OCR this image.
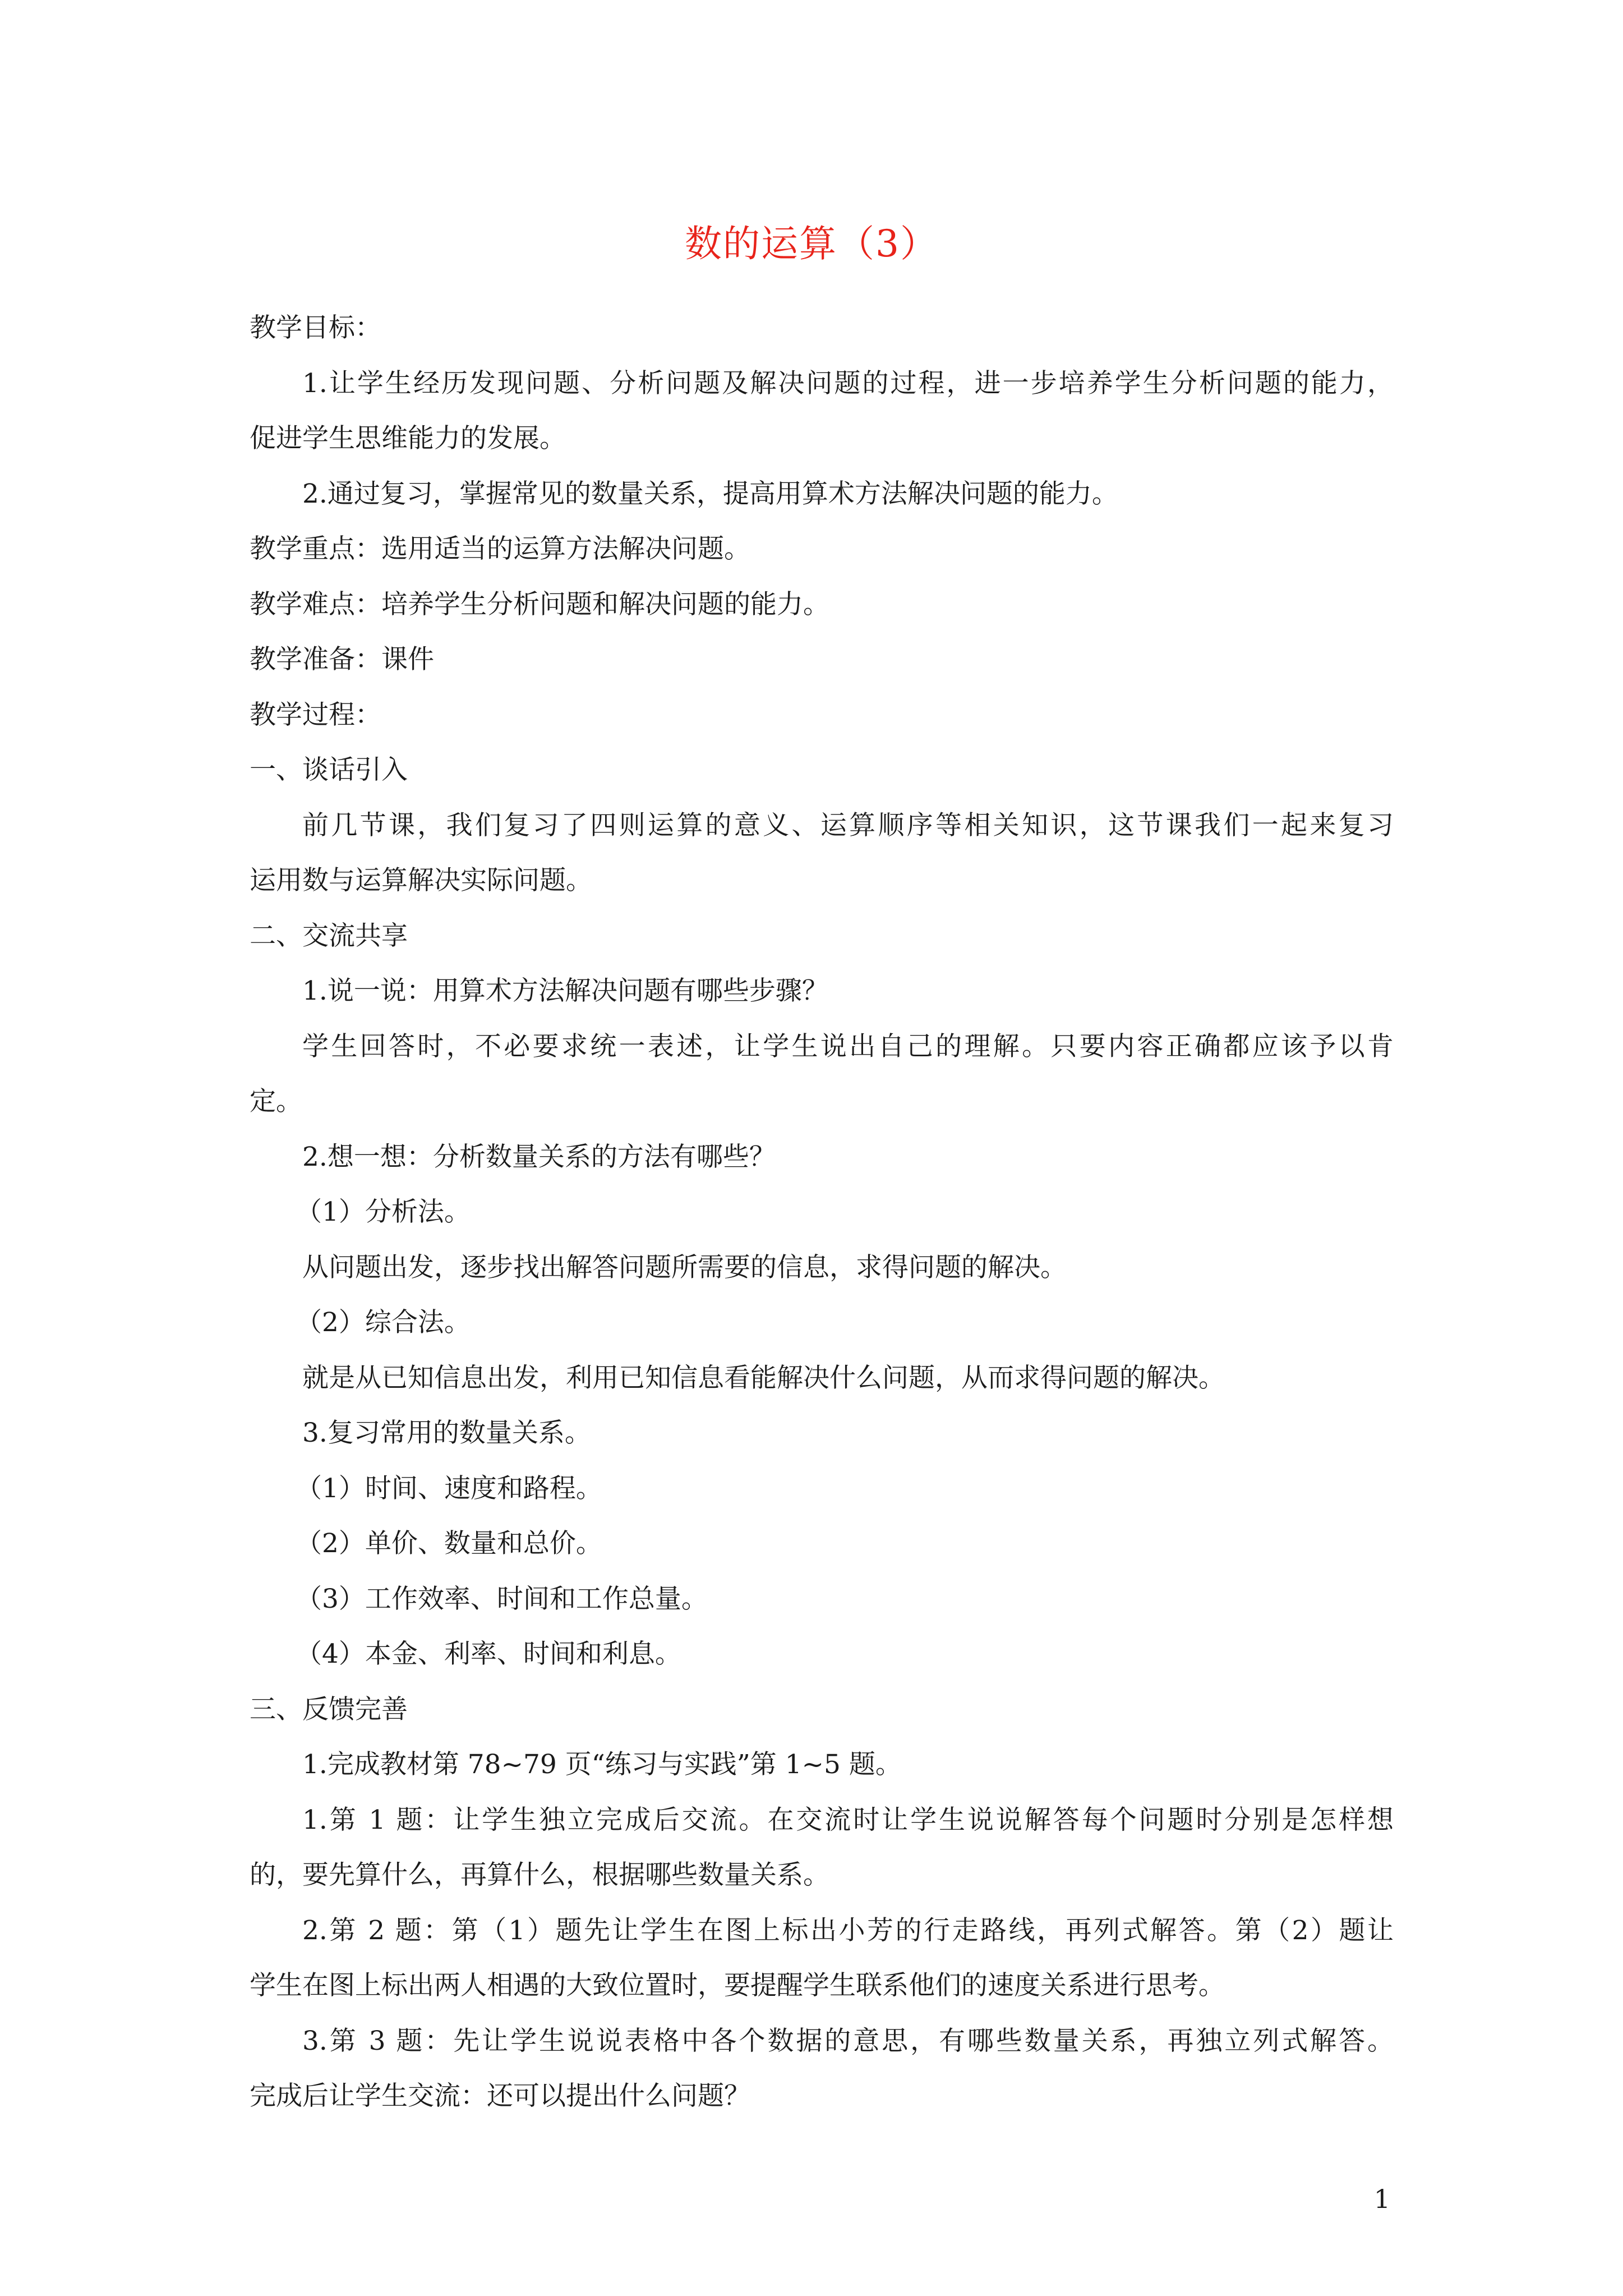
数的运算（3）
教学目标：
1.让学生经历发现问题、分析问题及解决问题的过程，进一步培养学生分析问题的能力，
促进学生思维能力的发展。
2.通过复习，掌握常见的数量关系，提高用算术方法解决问题的能力。
教学重点：选用适当的运算方法解决问题。
教学难点：培养学生分析问题和解决问题的能力。
教学准备：课件
教学过程：
一、谈话引入
前几节课，我们复习了四则运算的意义、运算顺序等相关知识，这节课我们一起来复习
运用数与运算解决实际问题。
二、交流共享
1.说一说：用算术方法解决问题有哪些步骤？
学生回答时，不必要求统一表述，让学生说出自己的理解。只要内容正确都应该予以肯
定。
2.想一想：分析数量关系的方法有哪些？
（1）分析法。
从问题出发，逐步找出解答问题所需要的信息，求得问题的解决。
（2）综合法。
就是从已知信息出发，利用已知信息看能解决什么问题，从而求得问题的解决。
3.复习常用的数量关系。
（1）时间、速度和路程。
（2）单价、数量和总价。
（3）工作效率、时间和工作总量。
（4）本金、利率、时间和利息。
三、反馈完善
1.完成教材第 78~79 页“练习与实践”第 1~5 题。
1.第 1 题：让学生独立完成后交流。在交流时让学生说说解答每个问题时分别是怎样想
的，要先算什么，再算什么，根据哪些数量关系。
2.第 2 题：第（1）题先让学生在图上标出小芳的行走路线，再列式解答。第（2）题让
学生在图上标出两人相遇的大致位置时，要提醒学生联系他们的速度关系进行思考。
3.第 3 题：先让学生说说表格中各个数据的意思，有哪些数量关系，再独立列式解答。
完成后让学生交流：还可以提出什么问题？
1
